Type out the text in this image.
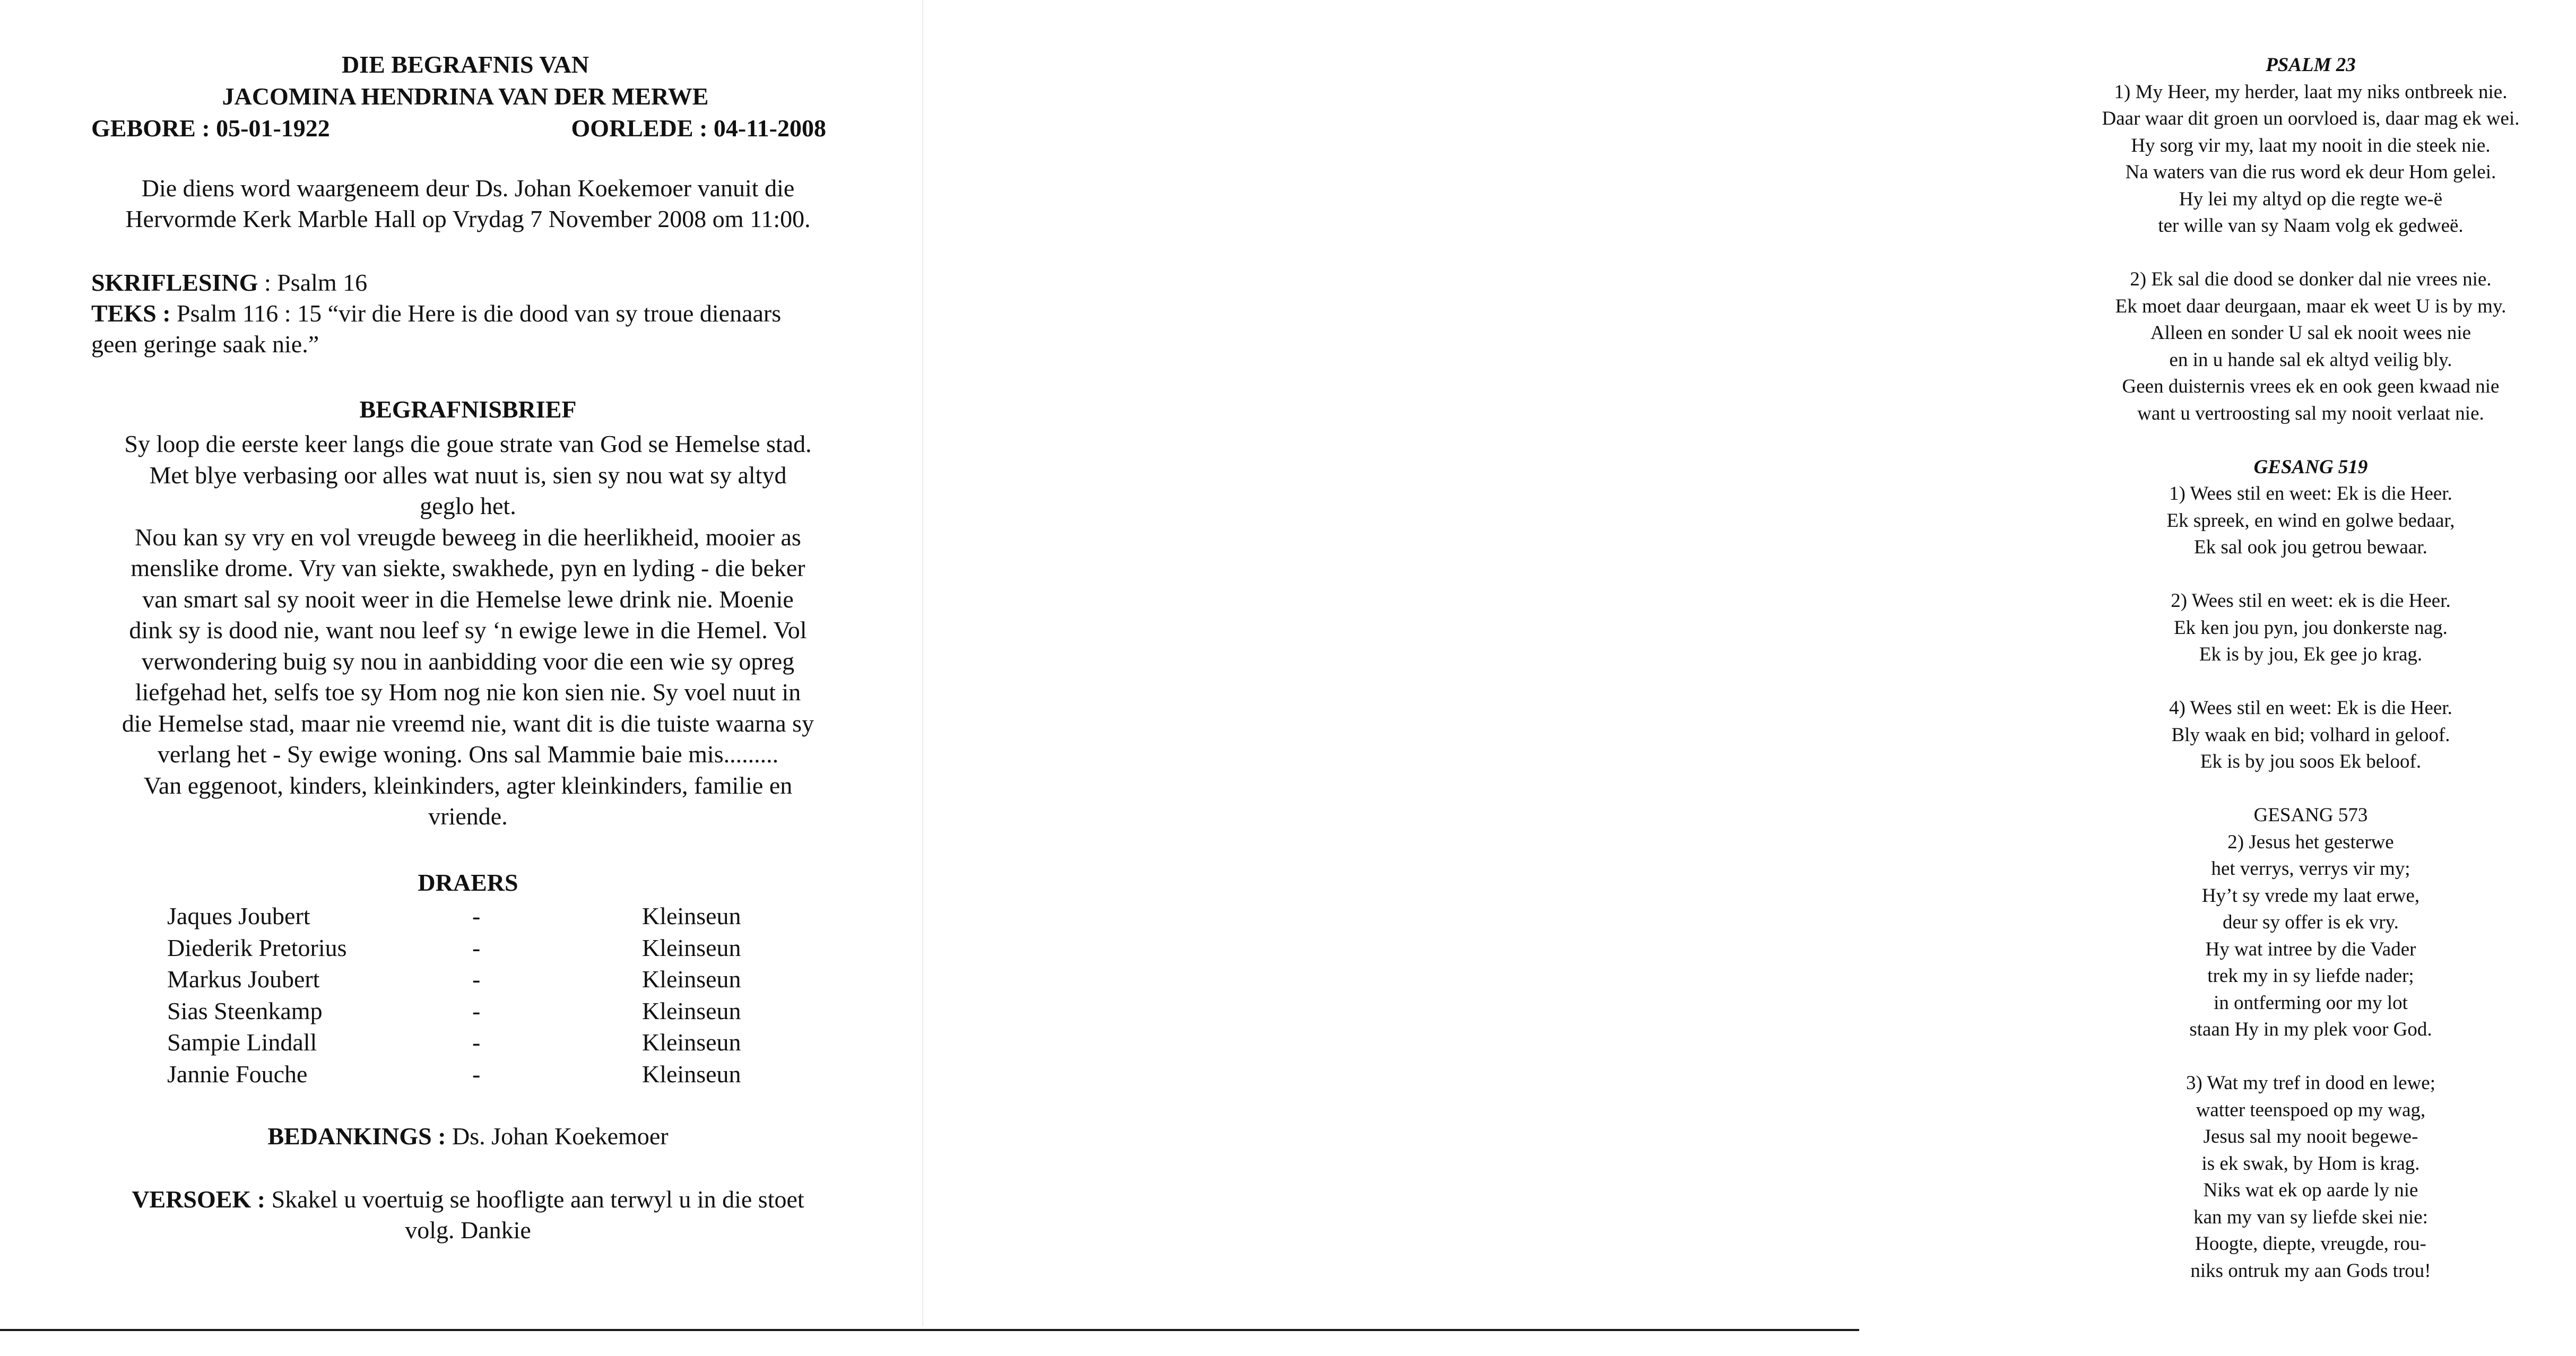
DIE BEGRAFNIS VAN
JACOMINA HENDRINA VAN DER MERWE
GEBORE : 05-01-1922	OORLEDE : 04-11-2008
Die diens word waargeneem deur Ds. Johan Koekemoer vanuit die
Hervormde Kerk Marble Hall op Vrydag 7 November 2008 om 11:00.
SKRIFLESING : Psalm 16
TEKS : Psalm 116 : 15 “vir die Here is die dood van sy troue dienaars
geen geringe saak nie.”
BEGRAFNISBRIEF
Sy loop die eerste keer langs die goue strate van God se Hemelse stad.
Met blye verbasing oor alles wat nuut is, sien sy nou wat sy altyd
geglo het.
Nou kan sy vry en vol vreugde beweeg in die heerlikheid, mooier as
menslike drome. Vry van siekte, swakhede, pyn en lyding - die beker
van smart sal sy nooit weer in die Hemelse lewe drink nie. Moenie
dink sy is dood nie, want nou leef sy ‘n ewige lewe in die Hemel. Vol
verwondering buig sy nou in aanbidding voor die een wie sy opreg
liefgehad het, selfs toe sy Hom nog nie kon sien nie. Sy voel nuut in
die Hemelse stad, maar nie vreemd nie, want dit is die tuiste waarna sy
verlang het - Sy ewige woning. Ons sal Mammie baie mis.........
Van eggenoot, kinders, kleinkinders, agter kleinkinders, familie en
vriende.
DRAERS
Jaques Joubert	-	Kleinseun
Diederik Pretorius	-	Kleinseun
Markus Joubert	-	Kleinseun
Sias Steenkamp	-	Kleinseun
Sampie Lindall	-	Kleinseun
Jannie Fouche	-	Kleinseun
BEDANKINGS : Ds. Johan Koekemoer
VERSOEK : Skakel u voertuig se hoofligte aan terwyl u in die stoet
volg. Dankie
PSALM 23
1) My Heer, my herder, laat my niks ontbreek nie.
Daar waar dit groen un oorvloed is, daar mag ek wei.
Hy sorg vir my, laat my nooit in die steek nie.
Na waters van die rus word ek deur Hom gelei.
Hy lei my altyd op die regte we-ë
ter wille van sy Naam volg ek gedweë.
2) Ek sal die dood se donker dal nie vrees nie.
Ek moet daar deurgaan, maar ek weet U is by my.
Alleen en sonder U sal ek nooit wees nie
en in u hande sal ek altyd veilig bly.
Geen duisternis vrees ek en ook geen kwaad nie
want u vertroosting sal my nooit verlaat nie.
GESANG 519
1) Wees stil en weet: Ek is die Heer.
Ek spreek, en wind en golwe bedaar,
Ek sal ook jou getrou bewaar.
2) Wees stil en weet: ek is die Heer.
Ek ken jou pyn, jou donkerste nag.
Ek is by jou, Ek gee jo krag.
4) Wees stil en weet: Ek is die Heer.
Bly waak en bid; volhard in geloof.
Ek is by jou soos Ek beloof.
GESANG 573
2) Jesus het gesterwe
het verrys, verrys vir my;
Hy’t sy vrede my laat erwe,
deur sy offer is ek vry.
Hy wat intree by die Vader
trek my in sy liefde nader;
in ontferming oor my lot
staan Hy in my plek voor God.
3) Wat my tref in dood en lewe;
watter teenspoed op my wag,
Jesus sal my nooit begewe-
is ek swak, by Hom is krag.
Niks wat ek op aarde ly nie
kan my van sy liefde skei nie:
Hoogte, diepte, vreugde, rou-
niks ontruk my aan Gods trou!
